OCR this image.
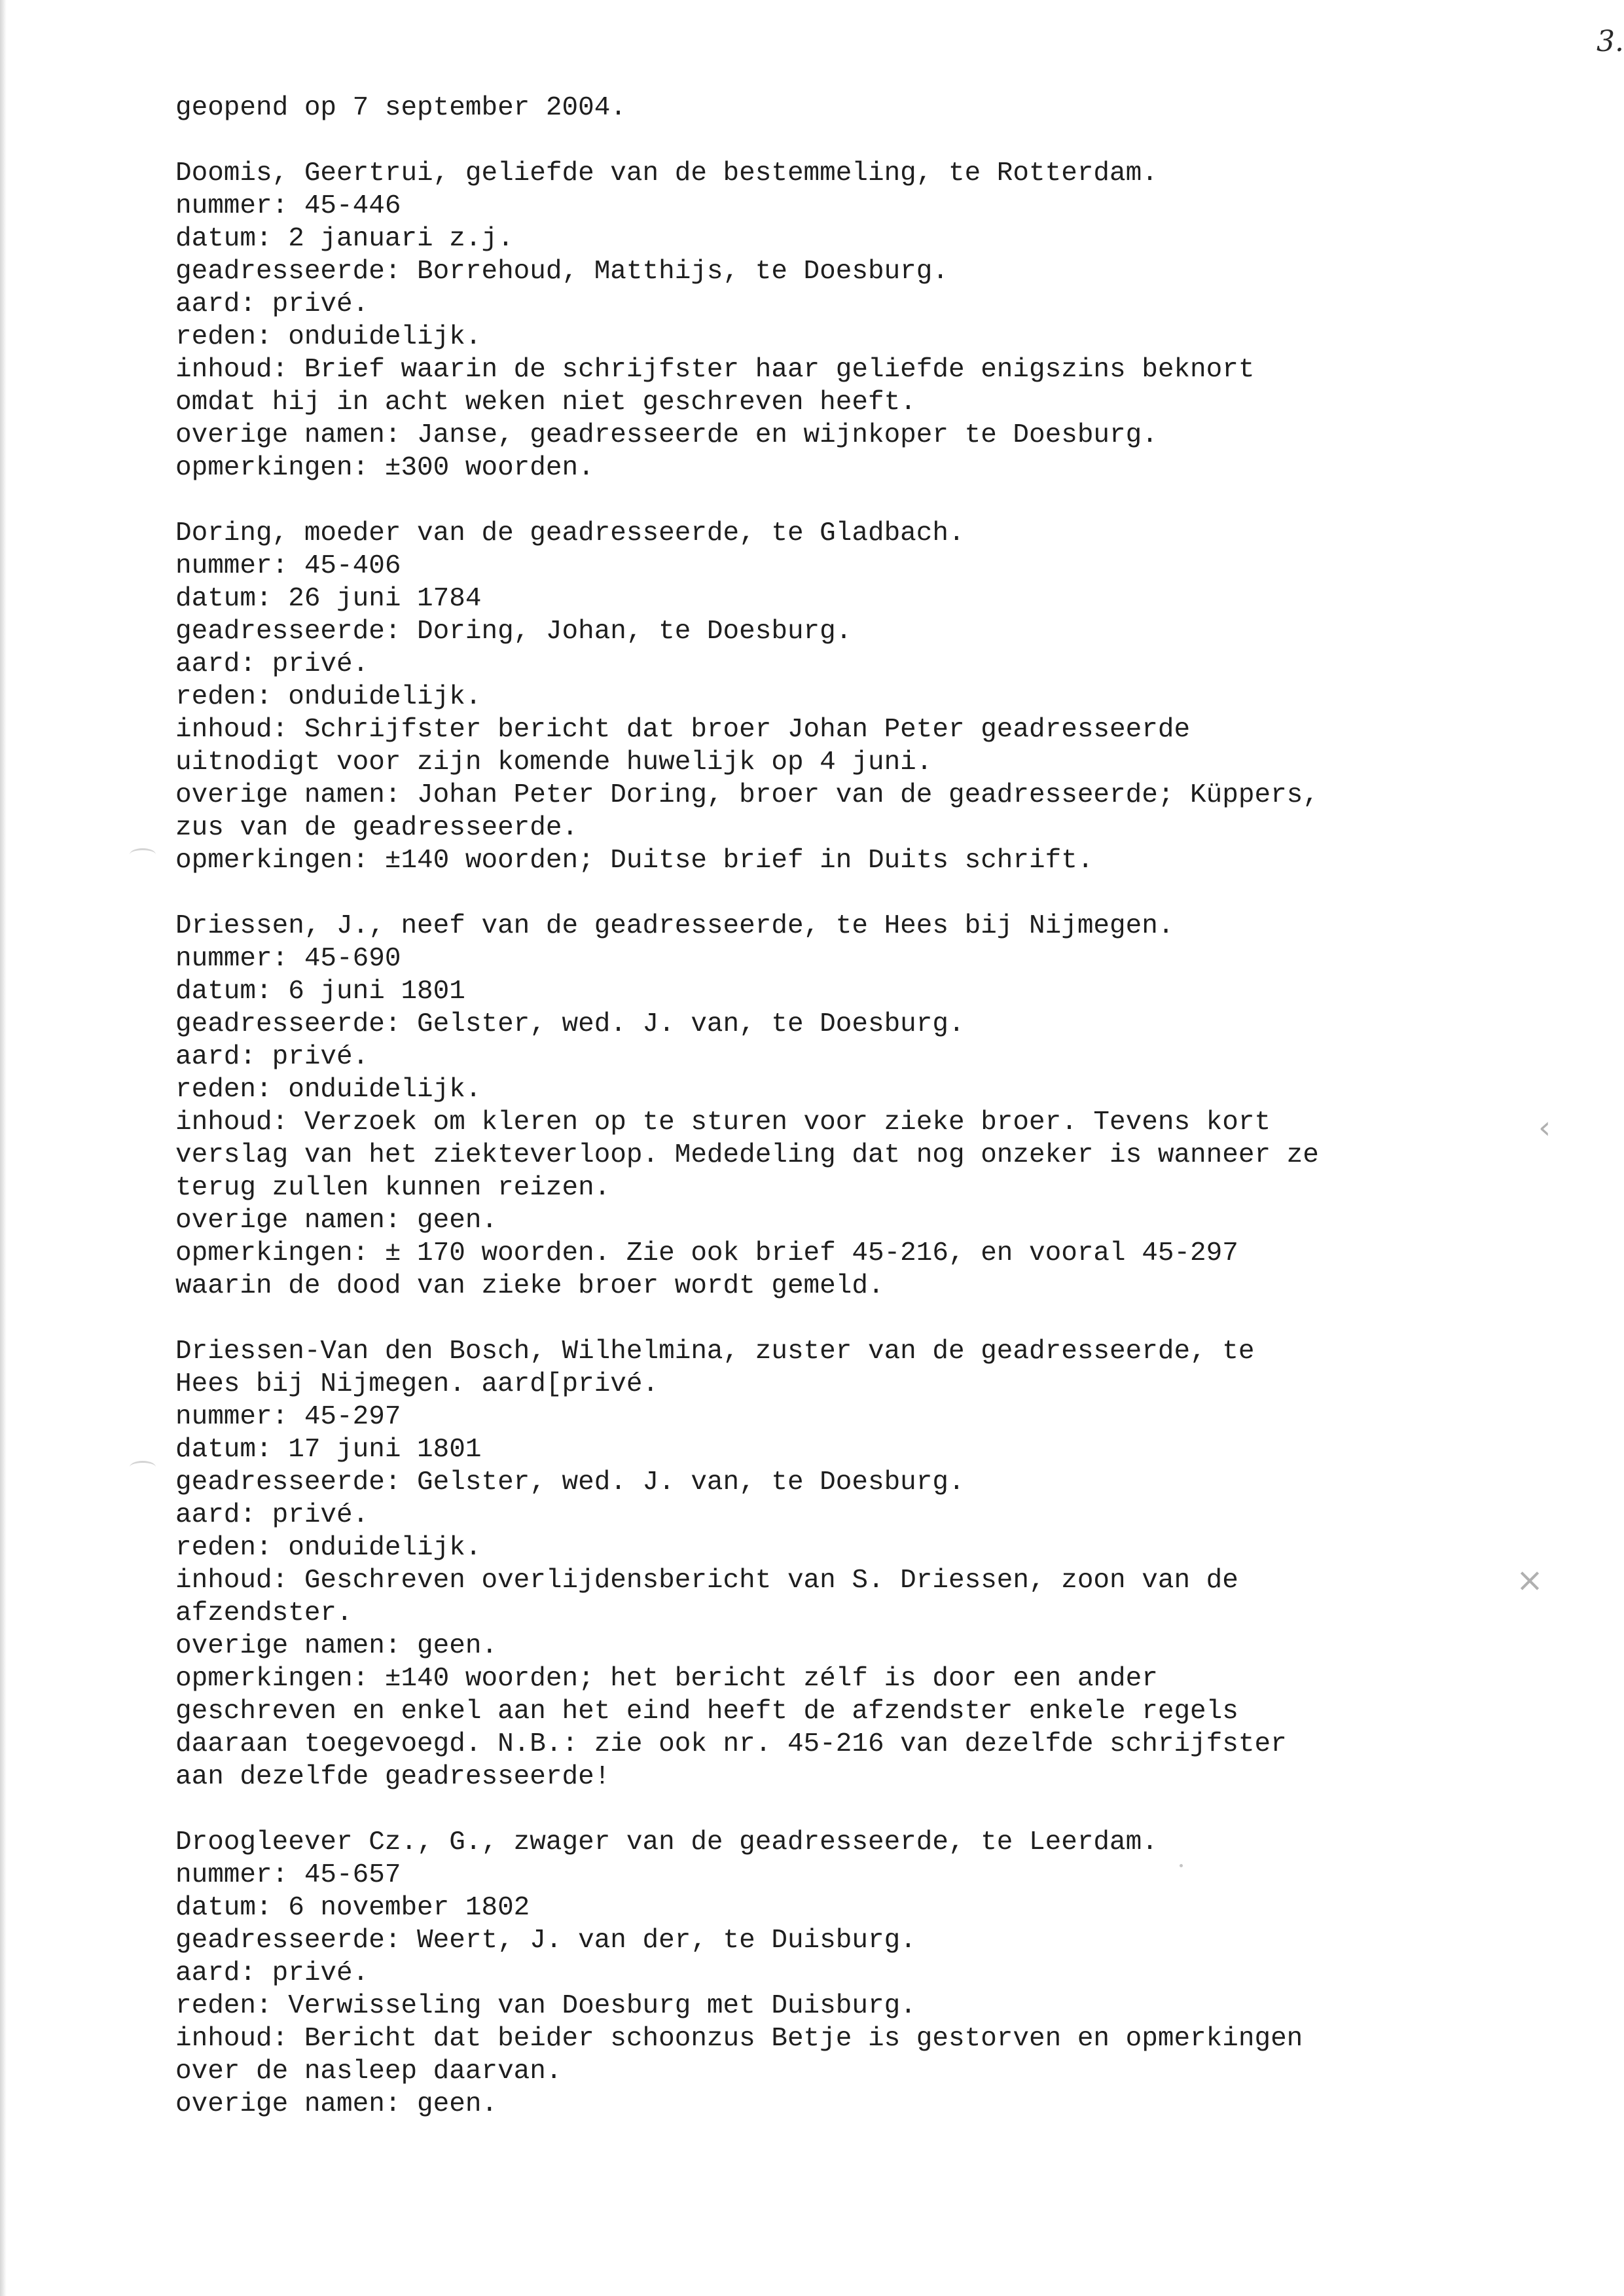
3.
geopend op 7 september 2004.
Doomis, Geertrui, geliefde van de bestemmeling, te Rotterdam.
nummer: 45-446
datum: 2 januari z.j.
geadresseerde: Borrehoud, Matthijs, te Doesburg.
aard: privé.
reden: onduidelijk.
inhoud: Brief waarin de schrijfster haar geliefde enigszins beknort
omdat hij in acht weken niet geschreven heeft.
overige namen: Janse, geadresseerde en wijnkoper te Doesburg.
opmerkingen: ±300 woorden.
Doring, moeder van de geadresseerde, te Gladbach.
nummer: 45-406
datum: 26 juni 1784
geadresseerde: Doring, Johan, te Doesburg.
aard: privé.
reden: onduidelijk.
inhoud: Schrijfster bericht dat broer Johan Peter geadresseerde
uitnodigt voor zijn komende huwelijk op 4 juni.
overige namen: Johan Peter Doring, broer van de geadresseerde; Küppers,
zus van de geadresseerde.
opmerkingen: ±140 woorden; Duitse brief in Duits schrift.
Driessen, J., neef van de geadresseerde, te Hees bij Nijmegen.
nummer: 45-690
datum: 6 juni 1801
geadresseerde: Gelster, wed. J. van, te Doesburg.
aard: privé.
reden: onduidelijk.
inhoud: Verzoek om kleren op te sturen voor zieke broer. Tevens kort
verslag van het ziekteverloop. Mededeling dat nog onzeker is wanneer ze
terug zullen kunnen reizen.
overige namen: geen.
opmerkingen: ± 170 woorden. Zie ook brief 45-216, en vooral 45-297
waarin de dood van zieke broer wordt gemeld.
Driessen-Van den Bosch, Wilhelmina, zuster van de geadresseerde, te
Hees bij Nijmegen. aard[privé.
nummer: 45-297
datum: 17 juni 1801
geadresseerde: Gelster, wed. J. van, te Doesburg.
aard: privé.
reden: onduidelijk.
inhoud: Geschreven overlijdensbericht van S. Driessen, zoon van de
afzendster.
overige namen: geen.
opmerkingen: ±140 woorden; het bericht zélf is door een ander
geschreven en enkel aan het eind heeft de afzendster enkele regels
daaraan toegevoegd. N.B.: zie ook nr. 45-216 van dezelfde schrijfster
aan dezelfde geadresseerde!
Droogleever Cz., G., zwager van de geadresseerde, te Leerdam.
nummer: 45-657
datum: 6 november 1802
geadresseerde: Weert, J. van der, te Duisburg.
aard: privé.
reden: Verwisseling van Doesburg met Duisburg.
inhoud: Bericht dat beider schoonzus Betje is gestorven en opmerkingen
over de nasleep daarvan.
overige namen: geen.
‹
×
